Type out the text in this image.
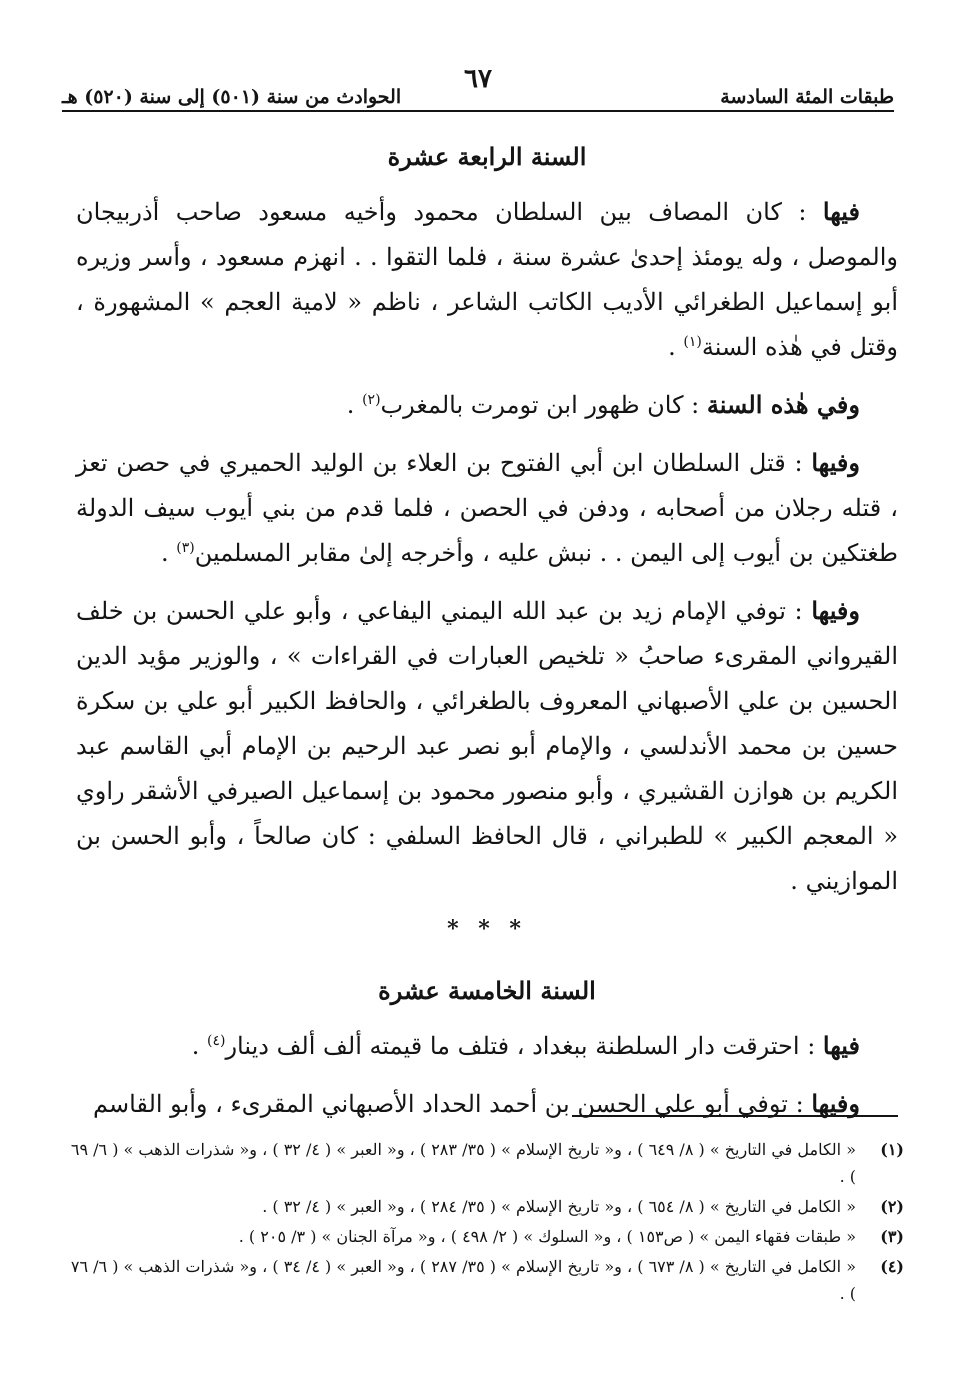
طبقات المئة السادسة
٦٧
الحوادث من سنة (٥٠١) إلى سنة (٥٢٠) هـ
السنة الرابعة عشرة

فيها : كان المصاف بين السلطان محمود وأخيه مسعود صاحب أذربيجان والموصل ، وله يومئذ إحدىٰ عشرة سنة ، فلما التقوا . . انهزم مسعود ، وأسر وزيره أبو إسماعيل الطغرائي الأديب الكاتب الشاعر ، ناظم « لامية العجم » المشهورة ، وقتل في هٰذه السنة$^{(١)}$ .

وفي هٰذه السنة : كان ظهور ابن تومرت بالمغرب$^{(٢)}$ .

وفيها : قتل السلطان ابن أبي الفتوح بن العلاء بن الوليد الحميري في حصن تعز ، قتله رجلان من أصحابه ، ودفن في الحصن ، فلما قدم من بني أيوب سيف الدولة طغتكين بن أيوب إلى اليمن . . نبش عليه ، وأخرجه إلىٰ مقابر المسلمين$^{(٣)}$ .

وفيها : توفي الإمام زيد بن عبد الله اليمني اليفاعي ، وأبو علي الحسن بن خلف القيرواني المقرىء صاحبُ « تلخيص العبارات في القراءات » ، والوزير مؤيد الدين الحسين بن علي الأصبهاني المعروف بالطغرائي ، والحافظ الكبير أبو علي بن سكرة حسين بن محمد الأندلسي ، والإمام أبو نصر عبد الرحيم بن الإمام أبي القاسم عبد الكريم بن هوازن القشيري ، وأبو منصور محمود بن إسماعيل الصيرفي الأشقر راوي « المعجم الكبير » للطبراني ، قال الحافظ السلفي : كان صالحاً ، وأبو الحسن بن الموازيني .

* * *
السنة الخامسة عشرة

فيها : احترقت دار السلطنة ببغداد ، فتلف ما قيمته ألف ألف دينار$^{(٤)}$ .

وفيها : توفي أبو علي الحسن بن أحمد الحداد الأصبهاني المقرىء ، وأبو القاسم

(١)
« الكامل في التاريخ » ( ٨/ ٦٤٩ ) ، و« تاريخ الإسلام » ( ٣٥/ ٢٨٣ ) ، و« العبر » ( ٤/ ٣٢ ) ، و« شذرات الذهب » ( ٦/ ٦٩ ) .
(٢)
« الكامل في التاريخ » ( ٨/ ٦٥٤ ) ، و« تاريخ الإسلام » ( ٣٥/ ٢٨٤ ) ، و« العبر » ( ٤/ ٣٢ ) .
(٣)
« طبقات فقهاء اليمن » ( ص١٥٣ ) ، و« السلوك » ( ٢/ ٤٩٨ ) ، و« مرآة الجنان » ( ٣/ ٢٠٥ ) .
(٤)
« الكامل في التاريخ » ( ٨/ ٦٧٣ ) ، و« تاريخ الإسلام » ( ٣٥/ ٢٨٧ ) ، و« العبر » ( ٤/ ٣٤ ) ، و« شذرات الذهب » ( ٦/ ٧٦ ) .
